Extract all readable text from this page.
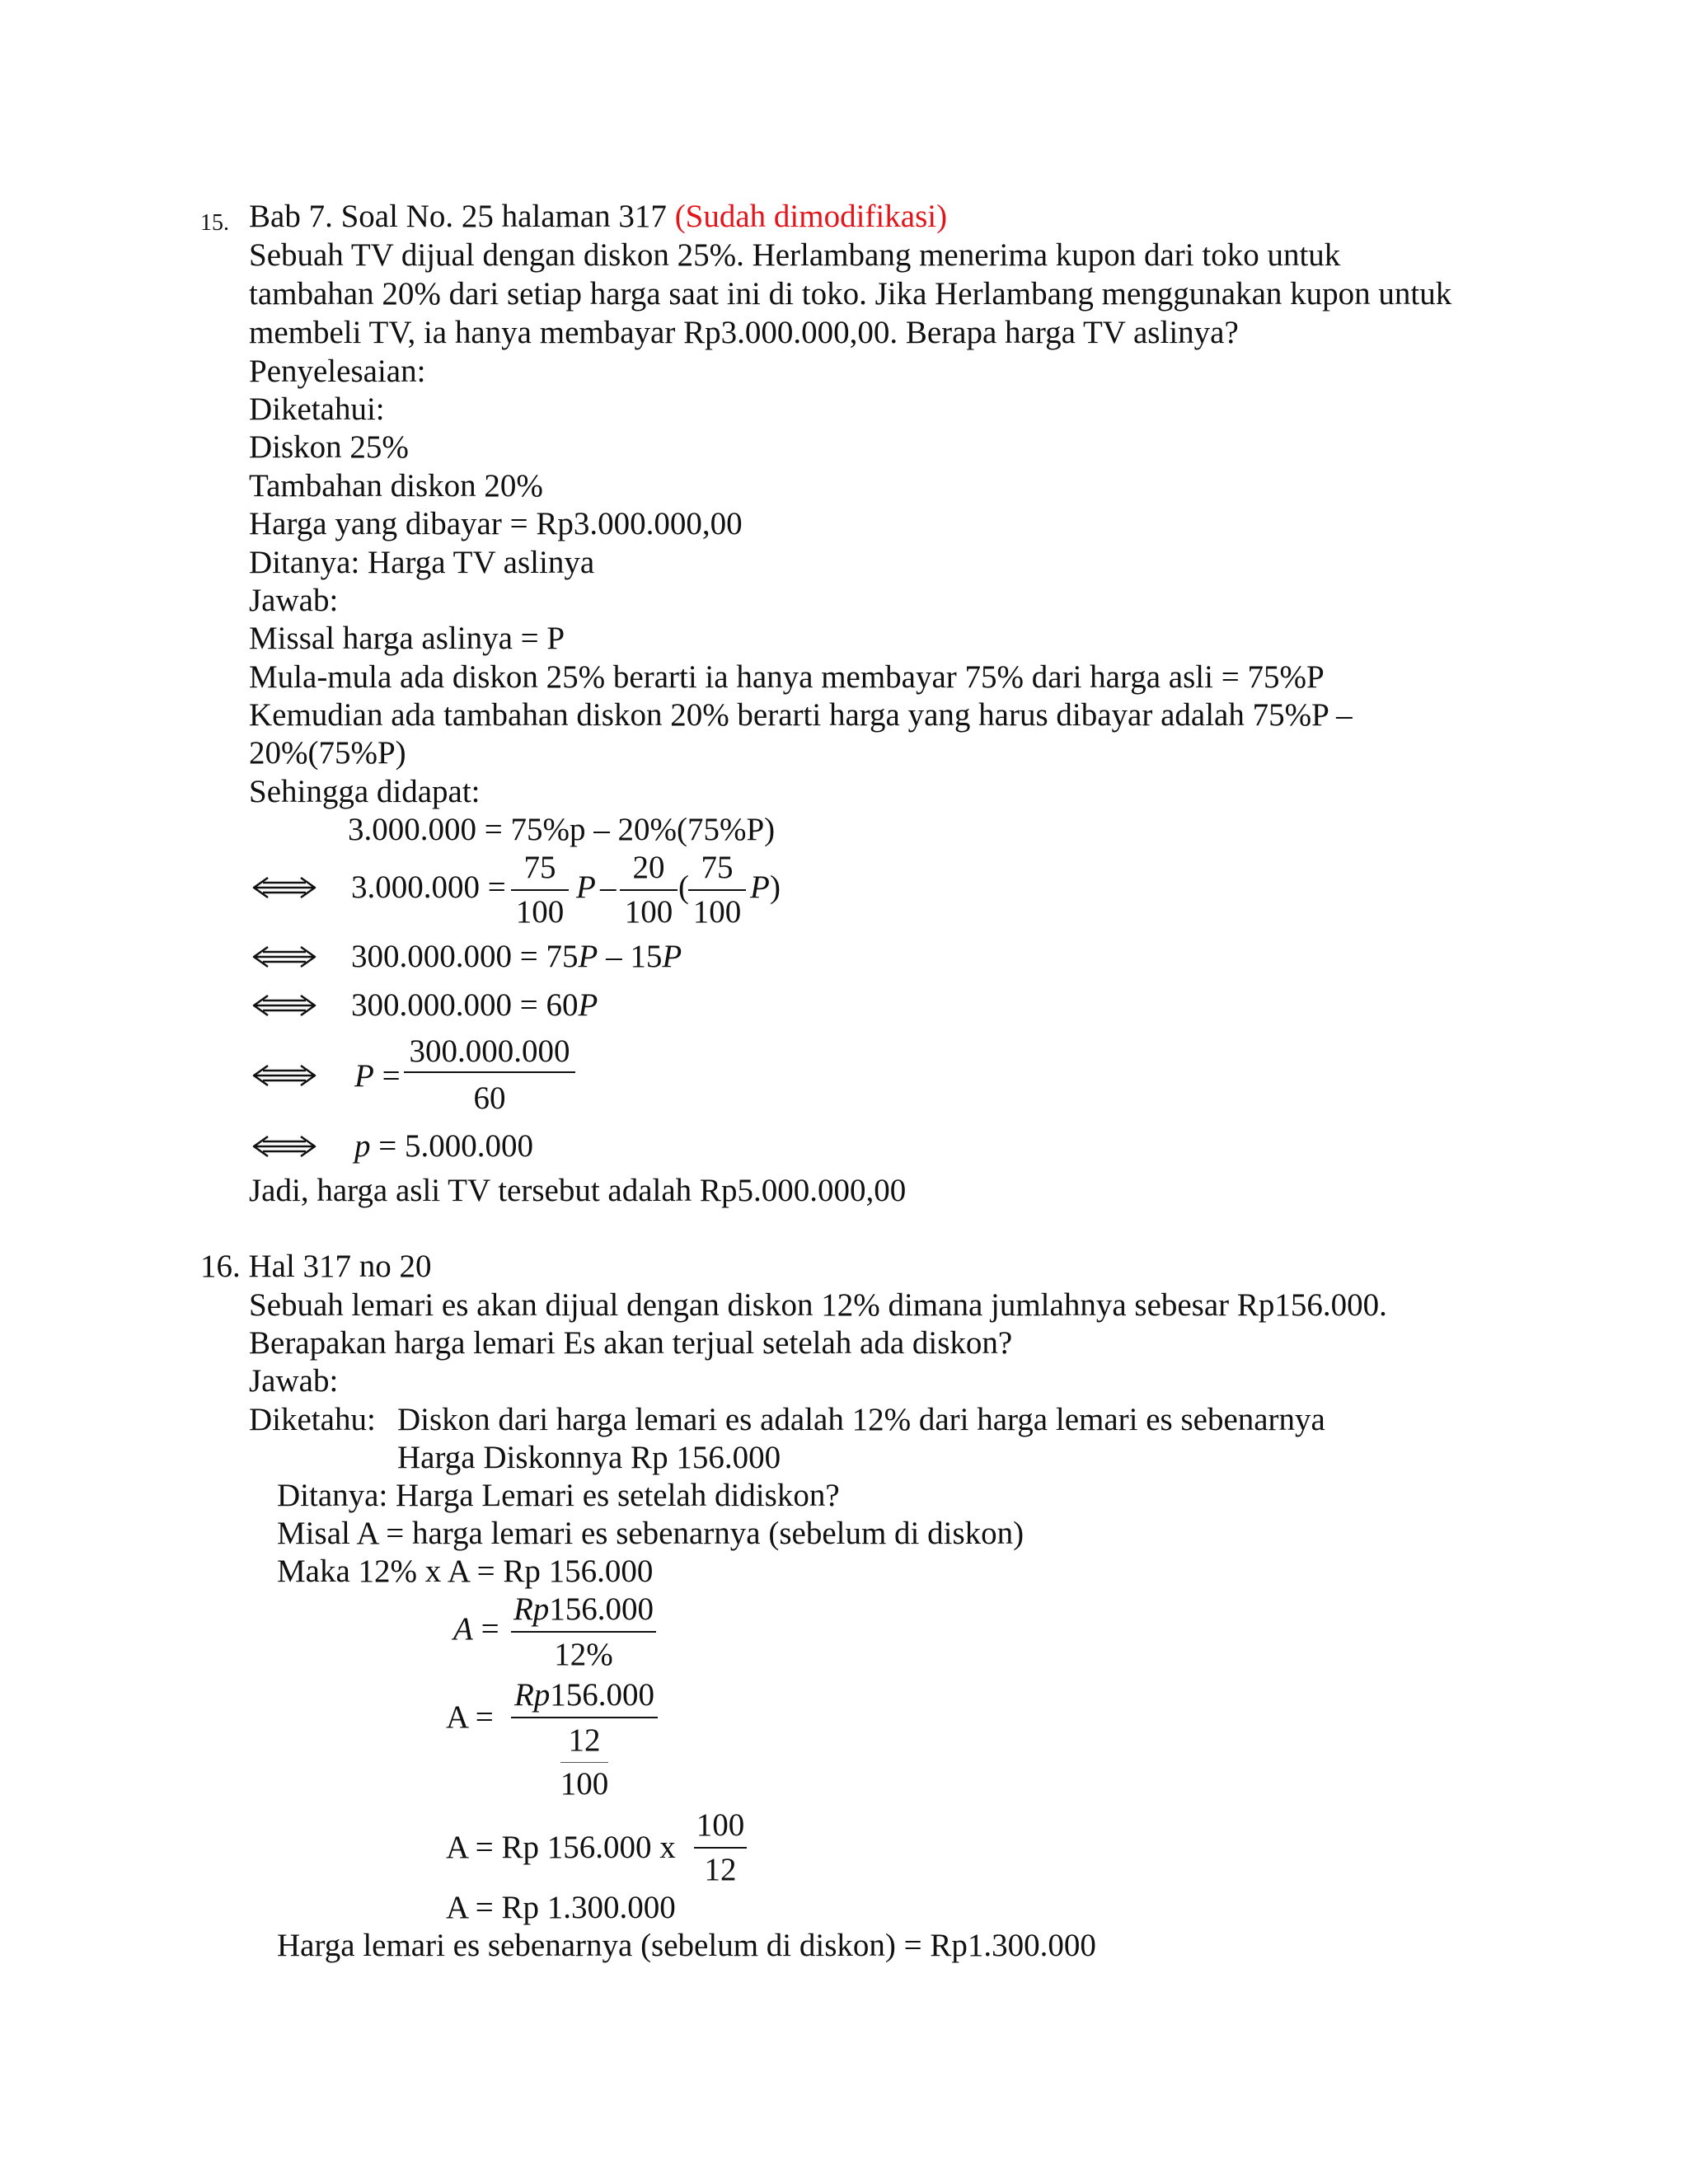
15. Bab 7. Soal No. 25 halaman 317 (Sudah dimodifikasi)
Sebuah TV dijual dengan diskon 25%. Herlambang menerima kupon dari toko untuk
tambahan 20% dari setiap harga saat ini di toko. Jika Herlambang menggunakan kupon untuk
membeli TV, ia hanya membayar Rp3.000.000,00. Berapa harga TV aslinya?
Penyelesaian:
Diketahui:
Diskon 25%
Tambahan diskon 20%
Harga yang dibayar = Rp3.000.000,00
Ditanya: Harga TV aslinya
Jawab:
Missal harga aslinya = P
Mula-mula ada diskon 25% berarti ia hanya membayar 75% dari harga asli = 75%P
Kemudian ada tambahan diskon 20% berarti harga yang harus dibayar adalah 75%P –
20%(75%P)
Sehingga didapat:
3.000.000 = 75%p – 20%(75%P)
3.000.000 =
75
100
P –
20
100
(
75
100
P )
300.000.000 = 75P – 15P
300.000.000 = 60P
P =
300.000.000
60
p = 5.000.000
Jadi, harga asli TV tersebut adalah Rp5.000.000,00
16. Hal 317 no 20
Sebuah lemari es akan dijual dengan diskon 12% dimana jumlahnya sebesar Rp156.000.
Berapakan harga lemari Es akan terjual setelah ada diskon?
Jawab:
Diketahu: Diskon dari harga lemari es adalah 12% dari harga lemari es sebenarnya
Harga Diskonnya Rp 156.000
Ditanya: Harga Lemari es setelah didiskon?
Misal A = harga lemari es sebenarnya (sebelum di diskon)
Maka 12% x A = Rp 156.000
A =
Rp156.000
12%
A =
Rp156.000
12
100
A = Rp 156.000 x
100
12
A = Rp 1.300.000
Harga lemari es sebenarnya (sebelum di diskon) = Rp1.300.000
